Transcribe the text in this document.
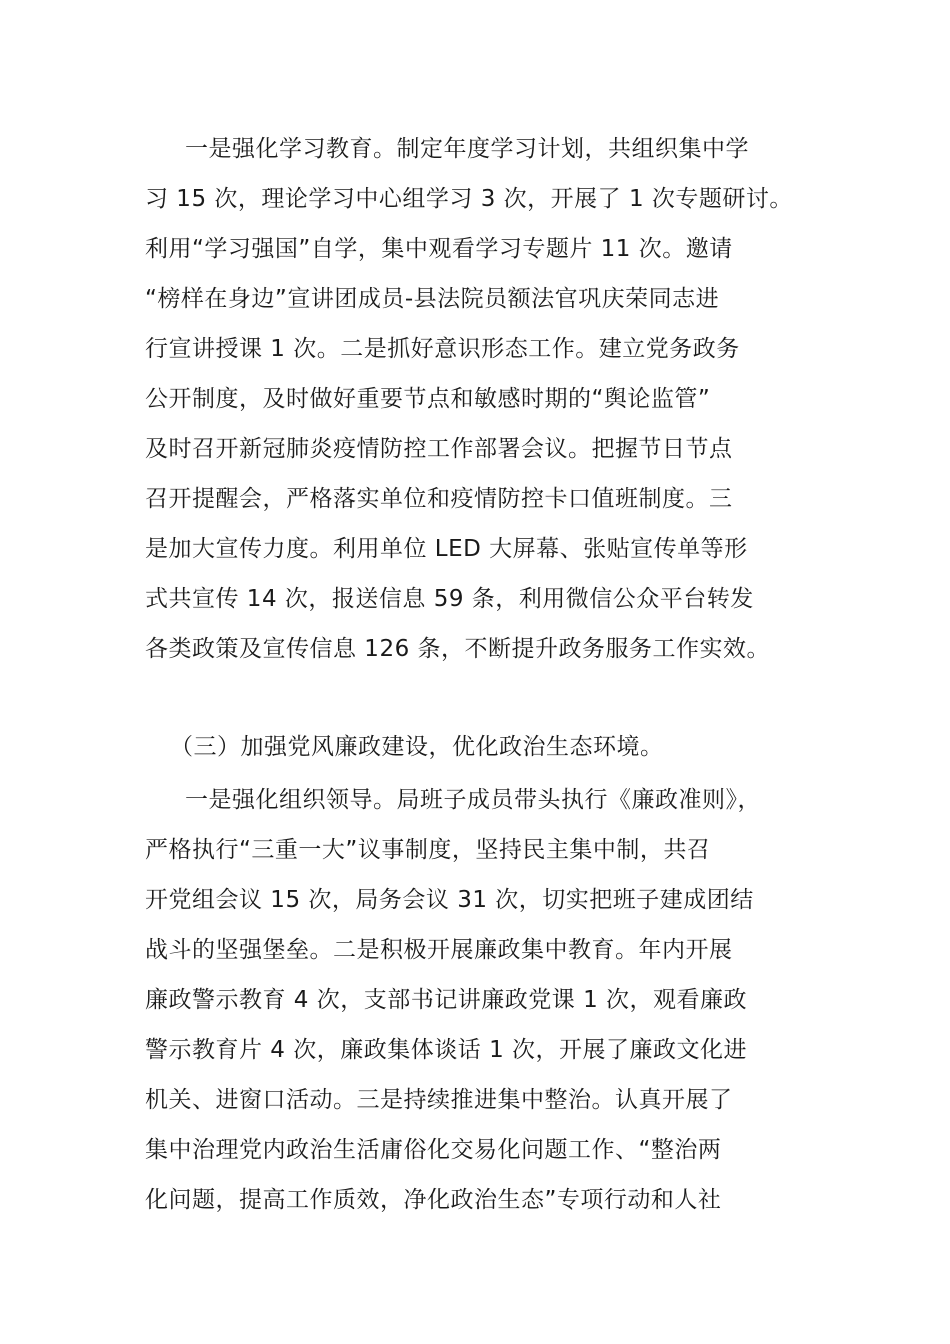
一是强化学习教育。制定年度学习计划，共组织集中学
习 15 次，理论学习中心组学习 3 次，开展了 1 次专题研讨。
利用“学习强国”自学，集中观看学习专题片 11 次。邀请
“榜样在身边”宣讲团成员-县法院员额法官巩庆荣同志进
行宣讲授课 1 次。二是抓好意识形态工作。建立党务政务
公开制度，及时做好重要节点和敏感时期的“舆论监管”
及时召开新冠肺炎疫情防控工作部署会议。把握节日节点
召开提醒会，严格落实单位和疫情防控卡口值班制度。三
是加大宣传力度。利用单位 LED 大屏幕、张贴宣传单等形
式共宣传 14 次，报送信息 59 条，利用微信公众平台转发
各类政策及宣传信息 126 条，不断提升政务服务工作实效。
（三）加强党风廉政建设，优化政治生态环境。
一是强化组织领导。局班子成员带头执行《廉政准则》，
严格执行“三重一大”议事制度，坚持民主集中制，共召
开党组会议 15 次，局务会议 31 次，切实把班子建成团结
战斗的坚强堡垒。二是积极开展廉政集中教育。年内开展
廉政警示教育 4 次，支部书记讲廉政党课 1 次，观看廉政
警示教育片 4 次，廉政集体谈话 1 次，开展了廉政文化进
机关、进窗口活动。三是持续推进集中整治。认真开展了
集中治理党内政治生活庸俗化交易化问题工作、“整治两
化问题，提高工作质效，净化政治生态”专项行动和人社
